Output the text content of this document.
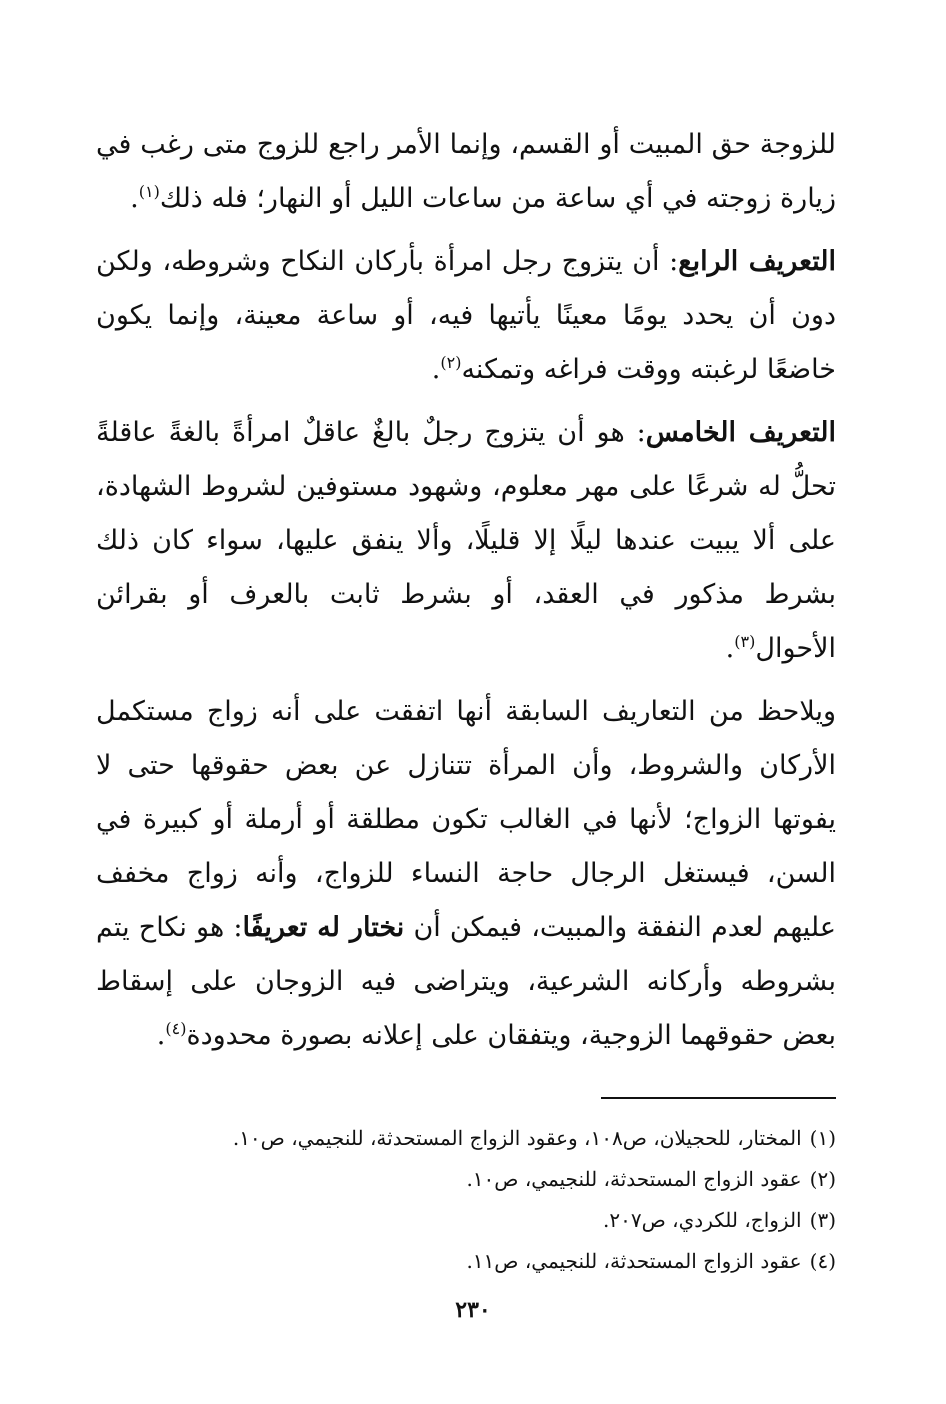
للزوجة حق المبيت أو القسم، وإنما الأمر راجع للزوج متى رغب في زيارة زوجته في أي ساعة من ساعات الليل أو النهار؛ فله ذلك$^{(١)}$.

التعريف الرابع: أن يتزوج رجل امرأة بأركان النكاح وشروطه، ولكن دون أن يحدد يومًا معينًا يأتيها فيه، أو ساعة معينة، وإنما يكون خاضعًا لرغبته ووقت فراغه وتمكنه$^{(٢)}$.

التعريف الخامس: هو أن يتزوج رجلٌ بالغٌ عاقلٌ امرأةً بالغةً عاقلةً تحلُّ له شرعًا على مهر معلوم، وشهود مستوفين لشروط الشهادة، على ألا يبيت عندها ليلًا إلا قليلًا، وألا ينفق عليها، سواء كان ذلك بشرط مذكور في العقد، أو بشرط ثابت بالعرف أو بقرائن الأحوال$^{(٣)}$.

ويلاحظ من التعاريف السابقة أنها اتفقت على أنه زواج مستكمل الأركان والشروط، وأن المرأة تتنازل عن بعض حقوقها حتى لا يفوتها الزواج؛ لأنها في الغالب تكون مطلقة أو أرملة أو كبيرة في السن، فيستغل الرجال حاجة النساء للزواج، وأنه زواج مخفف عليهم لعدم النفقة والمبيت، فيمكن أن نختار له تعريفًا: هو نكاح يتم بشروطه وأركانه الشرعية، ويتراضى فيه الزوجان على إسقاط بعض حقوقهما الزوجية، ويتفقان على إعلانه بصورة محدودة$^{(٤)}$.

(١)المختار، للحجيلان، ص١٠٨، وعقود الزواج المستحدثة، للنجيمي، ص١٠.

(٢)عقود الزواج المستحدثة، للنجيمي، ص١٠.

(٣)الزواج، للكردي، ص٢٠٧.

(٤)عقود الزواج المستحدثة، للنجيمي، ص١١.

٢٣٠
